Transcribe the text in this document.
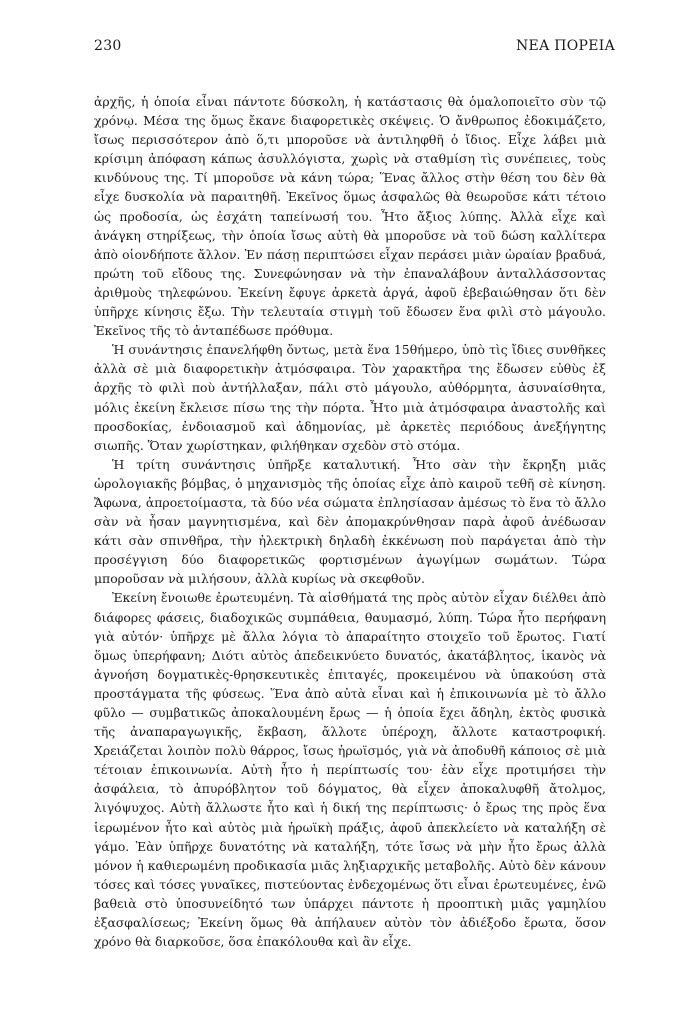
230	ΝΕΑ ΠΟΡΕΙΑ

ἀρχῆς, ἡ ὁποία εἶναι πάντοτε δύσκολη, ἡ κατάστασις θὰ ὁμαλοποιεῖτο σὺν τῷ χρόνῳ. Μέσα της ὅμως ἔκανε διαφορετικὲς σκέψεις. Ὁ ἄνθρωπος ἐδοκιμάζετο, ἴσως περισσότερον ἀπὸ ὅ,τι μποροῦσε νὰ ἀντιληφθῆ ὁ ἴδιος. Εἶχε λάβει μιὰ κρίσιμη ἀπόφαση κάπως ἀσυλλόγιστα, χωρὶς νὰ σταθμίση τὶς συνέπειες, τοὺς κινδύνους της. Τί μποροῦσε νὰ κάνη τώρα; Ἕνας ἄλλος στὴν θέση του δὲν θὰ εἶχε δυσκολία νὰ παραιτηθῆ. Ἐκεῖνος ὅμως ἀσφαλῶς θὰ θεωροῦσε κάτι τέτοιο ὡς προδοσία, ὡς ἐσχάτη ταπείνωσή του. Ἦτο ἄξιος λύπης. Ἀλλὰ εἶχε καὶ ἀνάγκη στηρίξεως, τὴν ὁποία ἴσως αὐτὴ θὰ μποροῦσε νὰ τοῦ δώση καλλίτερα ἀπὸ οἱονδήποτε ἄλλον. Ἐν πάσῃ περιπτώσει εἶχαν περάσει μιὰν ὡραίαν βραδυά, πρώτη τοῦ εἴδους της. Συνεφώνησαν νὰ τὴν ἐπαναλάβουν ἀνταλλάσσοντας ἀριθμοὺς τηλεφώνου. Ἐκείνη ἔφυγε ἀρκετὰ ἀργά, ἀφοῦ ἐβεβαιώθησαν ὅτι δὲν ὑπῆρχε κίνησις ἔξω. Τὴν τελευταία στιγμὴ τοῦ ἔδωσεν ἕνα φιλὶ στὸ μάγουλο. Ἐκεῖνος τῆς τὸ ἀνταπέδωσε πρόθυμα.

Ἡ συνάντησις ἐπανελήφθη ὄντως, μετὰ ἕνα 15θήμερο, ὑπὸ τὶς ἴδιες συνθῆκες ἀλλὰ σὲ μιὰ διαφορετικὴν ἀτμόσφαιρα. Τὸν χαρακτῆρα της ἔδωσεν εὐθὺς ἐξ ἀρχῆς τὸ φιλὶ ποὺ ἀντήλλαξαν, πάλι στὸ μάγουλο, αὐθόρμητα, ἀσυναίσθητα, μόλις ἐκείνη ἔκλεισε πίσω της τὴν πόρτα. Ἦτο μιὰ ἀτμόσφαιρα ἀναστολῆς καὶ προσδοκίας, ἐνδοιασμοῦ καὶ ἀδημονίας, μὲ ἀρκετὲς περιόδους ἀνεξήγητης σιωπῆς. Ὅταν χωρίστηκαν, φιλήθηκαν σχεδὸν στὸ στόμα.

Ἡ τρίτη συνάντησις ὑπῆρξε καταλυτική. Ἦτο σὰν τὴν ἔκρηξη μιᾶς ὡρολογιακῆς βόμβας, ὁ μηχανισμὸς τῆς ὁποίας εἶχε ἀπὸ καιροῦ τεθῆ σὲ κίνηση. Ἄφωνα, ἀπροετοίμαστα, τὰ δύο νέα σώματα ἐπλησίασαν ἀμέσως τὸ ἕνα τὸ ἄλλο σὰν νὰ ἦσαν μαγνητισμένα, καὶ δὲν ἀπομακρύνθησαν παρὰ ἀφοῦ ἀνέδωσαν κάτι σὰν σπινθῆρα, τὴν ἠλεκτρικὴ δηλαδὴ ἐκκένωση ποὺ παράγεται ἀπὸ τὴν προσέγγιση δύο διαφορετικῶς φορτισμένων ἀγωγίμων σωμάτων. Τώρα μποροῦσαν νὰ μιλήσουν, ἀλλὰ κυρίως νὰ σκεφθοῦν.

Ἐκείνη ἔνοιωθε ἐρωτευμένη. Τὰ αἰσθήματά της πρὸς αὐτὸν εἶχαν διέλθει ἀπὸ διάφορες φάσεις, διαδοχικῶς συμπάθεια, θαυμασμό, λύπη. Τώρα ἦτο περήφανη γιὰ αὐτόν· ὑπῆρχε μὲ ἄλλα λόγια τὸ ἀπαραίτητο στοιχεῖο τοῦ ἔρωτος. Γιατί ὅμως ὑπερήφανη; Διότι αὐτὸς ἀπεδεικνύετο δυνατός, ἀκατάβλητος, ἱκανὸς νὰ ἀγνοήση δογματικὲς-θρησκευτικὲς ἐπιταγές, προκειμένου νὰ ὑπακούση στὰ προστάγματα τῆς φύσεως. Ἕνα ἀπὸ αὐτὰ εἶναι καὶ ἡ ἐπικοινωνία μὲ τὸ ἄλλο φῦλο — συμβατικῶς ἀποκαλουμένη ἔρως — ἡ ὁποία ἔχει ἄδηλη, ἐκτὸς φυσικὰ τῆς ἀναπαραγωγικῆς, ἔκβαση, ἄλλοτε ὑπέροχη, ἄλλοτε καταστροφική. Χρειάζεται λοιπὸν πολὺ θάρρος, ἴσως ἡρωϊσμός, γιὰ νὰ ἀποδυθῆ κάποιος σὲ μιὰ τέτοιαν ἐπικοινωνία. Αὐτὴ ἦτο ἡ περίπτωσίς του· ἐὰν εἶχε προτιμήσει τὴν ἀσφάλεια, τὸ ἀπυρόβλητον τοῦ δόγματος, θὰ εἶχεν ἀποκαλυφθῆ ἄτολμος, λιγόψυχος. Αὐτὴ ἄλλωστε ἦτο καὶ ἡ δική της περίπτωσις· ὁ ἔρως της πρὸς ἕνα ἱερωμένον ἦτο καὶ αὐτὸς μιὰ ἡρωϊκὴ πράξις, ἀφοῦ ἀπεκλείετο νὰ καταλήξη σὲ γάμο. Ἐὰν ὑπῆρχε δυνατότης νὰ καταλήξη, τότε ἴσως νὰ μὴν ἦτο ἔρως ἀλλὰ μόνον ἡ καθιερωμένη προδικασία μιᾶς ληξιαρχικῆς μεταβολῆς. Αὐτὸ δὲν κάνουν τόσες καὶ τόσες γυναῖκες, πιστεύοντας ἐνδεχομένως ὅτι εἶναι ἐρωτευμένες, ἐνῶ βαθειὰ στὸ ὑποσυνείδητό των ὑπάρχει πάντοτε ἡ προοπτικὴ μιᾶς γαμηλίου ἐξασφαλίσεως; Ἐκείνη ὅμως θὰ ἀπήλαυεν αὐτὸν τὸν ἀδιέξοδο ἔρωτα, ὅσον χρόνο θὰ διαρκοῦσε, ὅσα ἐπακόλουθα καὶ ἂν εἶχε.
